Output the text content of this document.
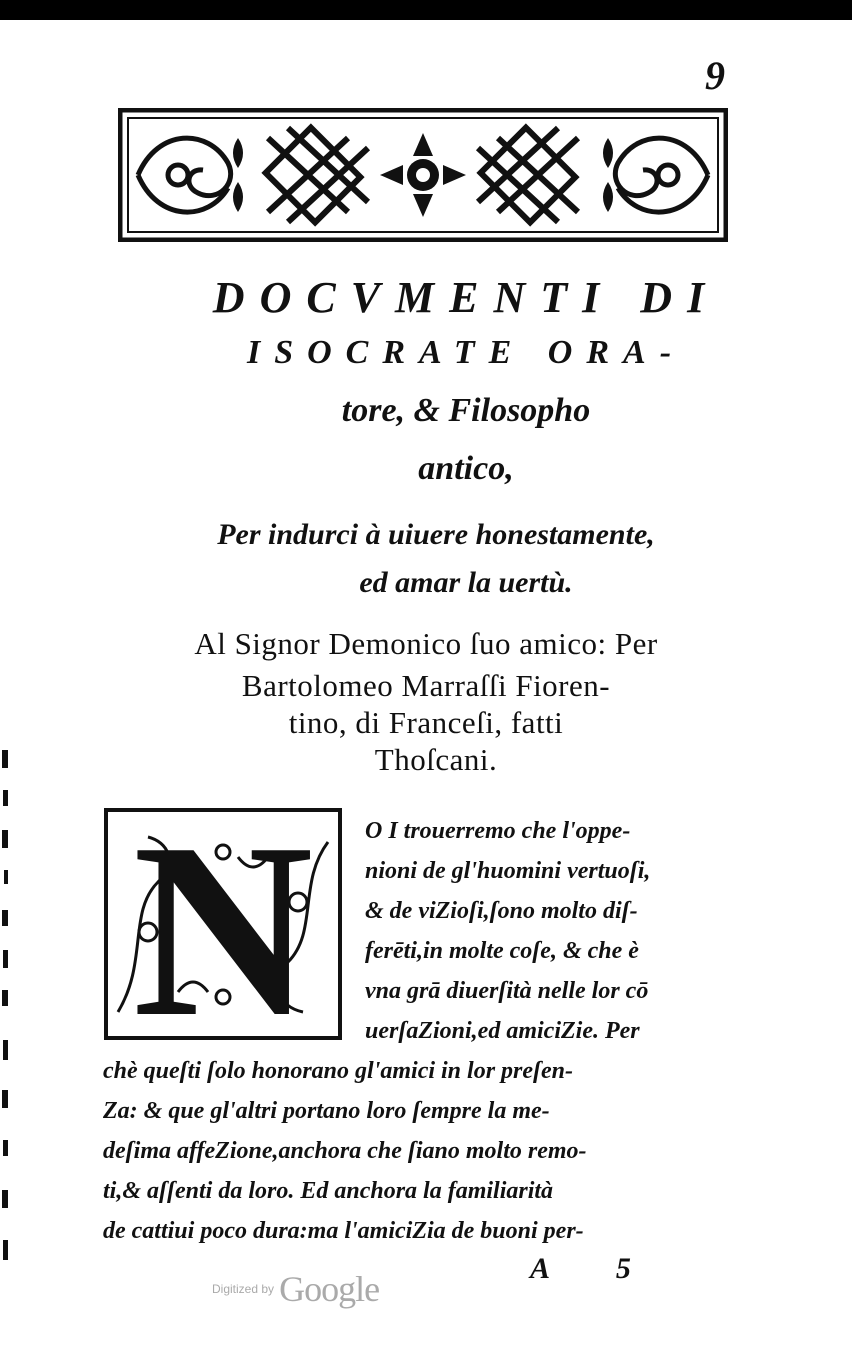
9
DOCVMENTI DI
ISOCRATE ORA-
tore, & Filosopho
antico,
Per indurci à uiuere honestamente,
ed amar la uertù.
Al Signor Demonico ſuo amico: Per
Bartolomeo Marraſſi Fioren-
tino, di Franceſi, fatti
Thoſcani.
N	O I trouerremo che l'oppe-
nioni de gl'huomini vertuoſi,
& de viZioſi,ſono molto diſ-
ferēti,in molte coſe, & che è
vna grā diuerſità nelle lor cō
uerſaZioni,ed amiciZie. Per
chè queſti ſolo honorano gl'amici in lor preſen-
Za: & que gl'altri portano loro ſempre la me-
deſima affeZione,anchora che ſiano molto remo-
ti,& aſſenti da loro. Ed anchora la familiarità
de cattiui poco dura:ma l'amiciZia de buoni per-
A 5
Digitized by Google
